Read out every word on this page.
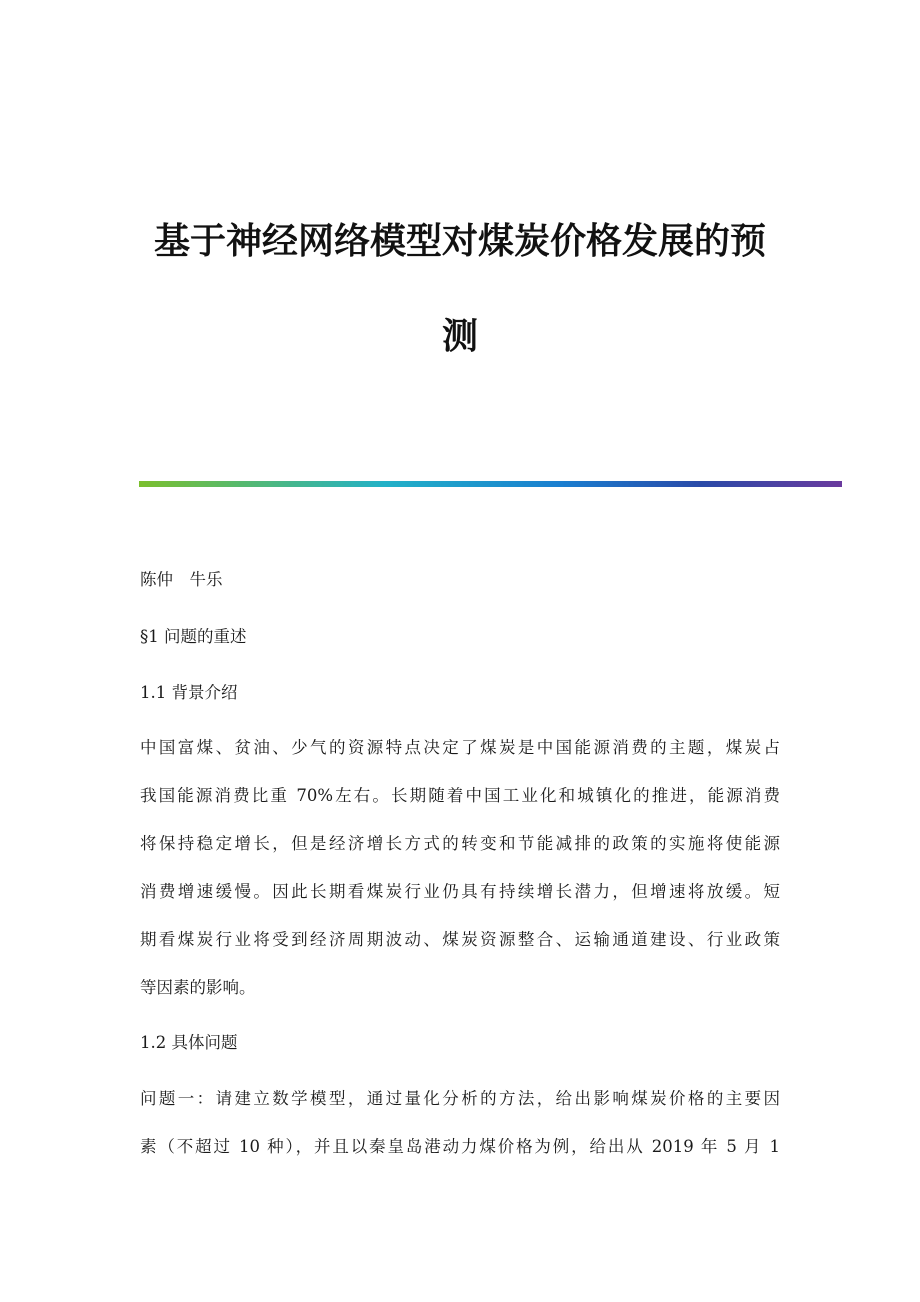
基于神经网络模型对煤炭价格发展的预
测

陈仲　牛乐

§1 问题的重述

1.1 背景介绍

中国富煤、贫油、少气的资源特点决定了煤炭是中国能源消费的主题，煤炭占
我国能源消费比重 70%左右。长期随着中国工业化和城镇化的推进，能源消费
将保持稳定增长，但是经济增长方式的转变和节能减排的政策的实施将使能源
消费增速缓慢。因此长期看煤炭行业仍具有持续增长潜力，但增速将放缓。短
期看煤炭行业将受到经济周期波动、煤炭资源整合、运输通道建设、行业政策
等因素的影响。

1.2 具体问题

问题一：请建立数学模型，通过量化分析的方法，给出影响煤炭价格的主要因
素（不超过 10 种），并且以秦皇岛港动力煤价格为例，给出从 2019 年 5 月 1
